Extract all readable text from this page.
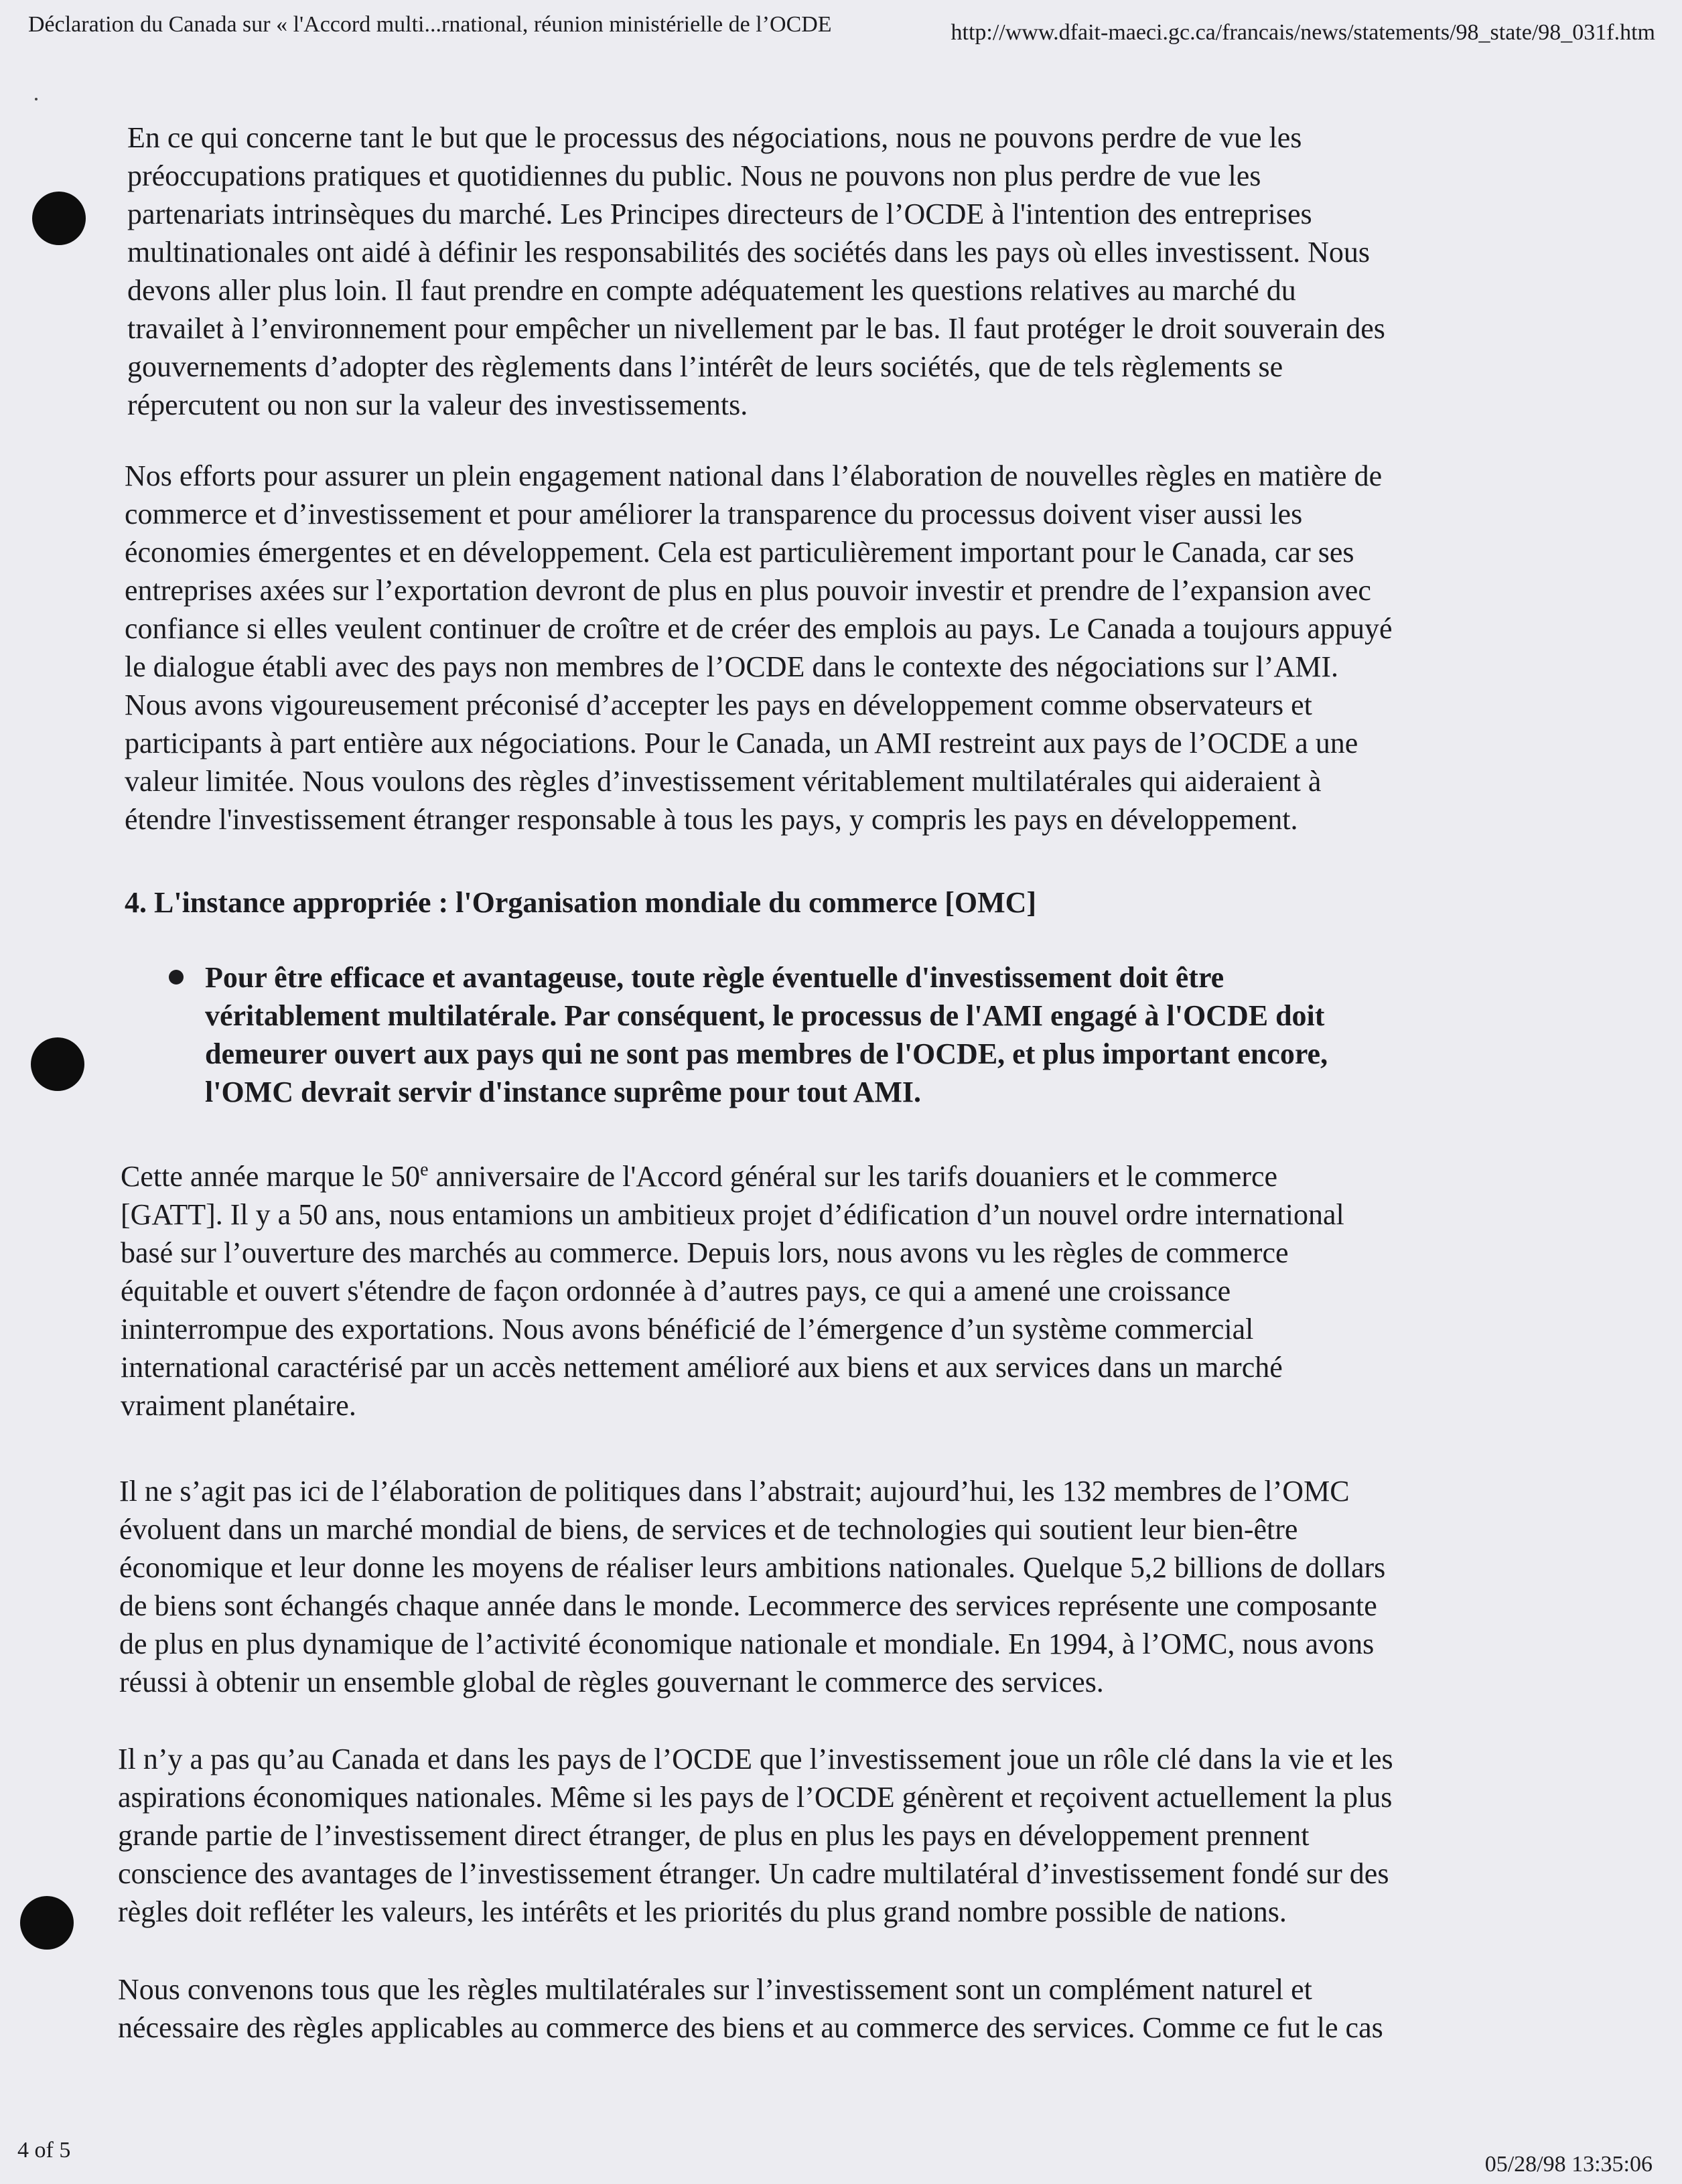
Déclaration du Canada sur « l'Accord multi...rnational, réunion ministérielle de l’OCDE	http://www.dfait-maeci.gc.ca/francais/news/statements/98_state/98_031f.htm

En ce qui concerne tant le but que le processus des négociations, nous ne pouvons perdre de vue les
préoccupations pratiques et quotidiennes du public. Nous ne pouvons non plus perdre de vue les
partenariats intrinsèques du marché. Les Principes directeurs de l’OCDE à l'intention des entreprises
multinationales ont aidé à définir les responsabilités des sociétés dans les pays où elles investissent. Nous
devons aller plus loin. Il faut prendre en compte adéquatement les questions relatives au marché du
travailet à l’environnement pour empêcher un nivellement par le bas. Il faut protéger le droit souverain des
gouvernements d’adopter des règlements dans l’intérêt de leurs sociétés, que de tels règlements se
répercutent ou non sur la valeur des investissements.

Nos efforts pour assurer un plein engagement national dans l’élaboration de nouvelles règles en matière de
commerce et d’investissement et pour améliorer la transparence du processus doivent viser aussi les
économies émergentes et en développement. Cela est particulièrement important pour le Canada, car ses
entreprises axées sur l’exportation devront de plus en plus pouvoir investir et prendre de l’expansion avec
confiance si elles veulent continuer de croître et de créer des emplois au pays. Le Canada a toujours appuyé
le dialogue établi avec des pays non membres de l’OCDE dans le contexte des négociations sur l’AMI.
Nous avons vigoureusement préconisé d’accepter les pays en développement comme observateurs et
participants à part entière aux négociations. Pour le Canada, un AMI restreint aux pays de l’OCDE a une
valeur limitée. Nous voulons des règles d’investissement véritablement multilatérales qui aideraient à
étendre l'investissement étranger responsable à tous les pays, y compris les pays en développement.

4. L'instance appropriée : l'Organisation mondiale du commerce [OMC]
Pour être efficace et avantageuse, toute règle éventuelle d'investissement doit être
véritablement multilatérale. Par conséquent, le processus de l'AMI engagé à l'OCDE doit
demeurer ouvert aux pays qui ne sont pas membres de l'OCDE, et plus important encore,
l'OMC devrait servir d'instance suprême pour tout AMI.

Cette année marque le 50e anniversaire de l'Accord général sur les tarifs douaniers et le commerce
[GATT]. Il y a 50 ans, nous entamions un ambitieux projet d’édification d’un nouvel ordre international
basé sur l’ouverture des marchés au commerce. Depuis lors, nous avons vu les règles de commerce
équitable et ouvert s'étendre de façon ordonnée à d’autres pays, ce qui a amené une croissance
ininterrompue des exportations. Nous avons bénéficié de l’émergence d’un système commercial
international caractérisé par un accès nettement amélioré aux biens et aux services dans un marché
vraiment planétaire.

Il ne s’agit pas ici de l’élaboration de politiques dans l’abstrait; aujourd’hui, les 132 membres de l’OMC
évoluent dans un marché mondial de biens, de services et de technologies qui soutient leur bien-être
économique et leur donne les moyens de réaliser leurs ambitions nationales. Quelque 5,2 billions de dollars
de biens sont échangés chaque année dans le monde. Lecommerce des services représente une composante
de plus en plus dynamique de l’activité économique nationale et mondiale. En 1994, à l’OMC, nous avons
réussi à obtenir un ensemble global de règles gouvernant le commerce des services.

Il n’y a pas qu’au Canada et dans les pays de l’OCDE que l’investissement joue un rôle clé dans la vie et les
aspirations économiques nationales. Même si les pays de l’OCDE génèrent et reçoivent actuellement la plus
grande partie de l’investissement direct étranger, de plus en plus les pays en développement prennent
conscience des avantages de l’investissement étranger. Un cadre multilatéral d’investissement fondé sur des
règles doit refléter les valeurs, les intérêts et les priorités du plus grand nombre possible de nations.

Nous convenons tous que les règles multilatérales sur l’investissement sont un complément naturel et
nécessaire des règles applicables au commerce des biens et au commerce des services. Comme ce fut le cas

4 of 5
05/28/98 13:35:06
